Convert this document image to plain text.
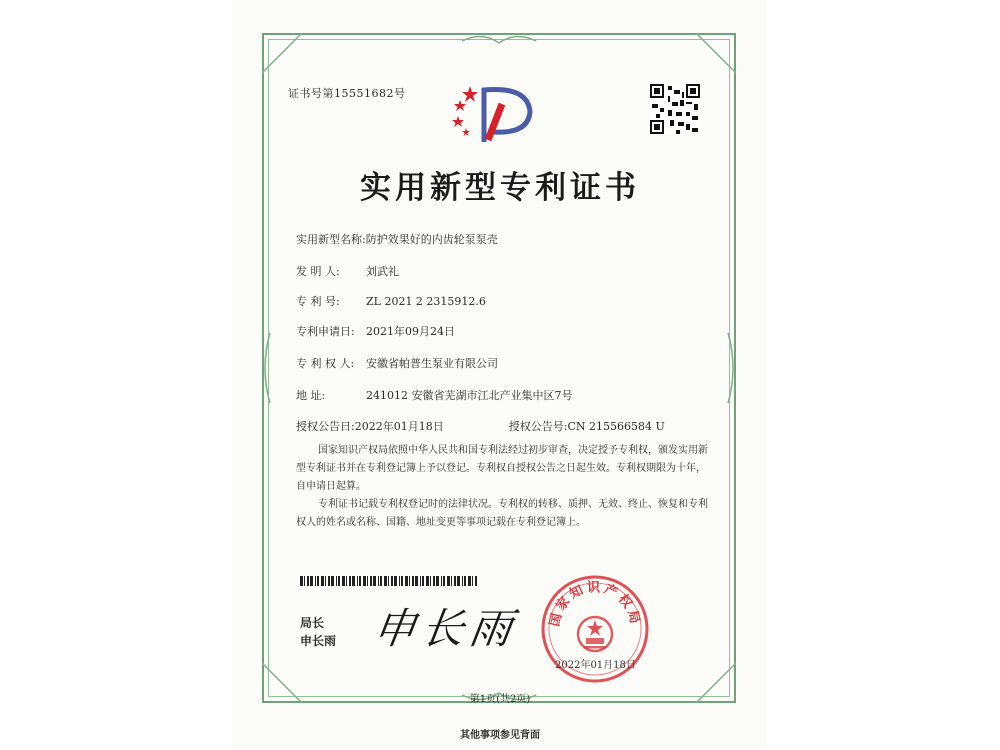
证书号第15551682号
实用新型专利证书
实用新型名称:防护效果好的内齿轮泵泵壳
发 明 人: 刘武礼
专 利 号: ZL 2021 2 2315912.6
专利申请日: 2021年09月24日
专 利 权 人: 安徽省帕普生泵业有限公司
地 址:	241012 安徽省芜湖市江北产业集中区7号
授权公告日:2022年01月18日	授权公告号:CN 215566584 U
国家知识产权局依照中华人民共和国专利法经过初步审查，决定授予专利权，颁发实用新型专利证书并在专利登记簿上予以登记。专利权自授权公告之日起生效。专利权期限为十年，自申请日起算。
专利证书记载专利权登记时的法律状况。专利权的转移、质押、无效、终止、恢复和专利权人的姓名或名称、国籍、地址变更等事项记载在专利登记簿上。
局长
申长雨 申长雨 国家知识产权局
2022年01月18日
第1页(共2页)
其他事项参见背面
